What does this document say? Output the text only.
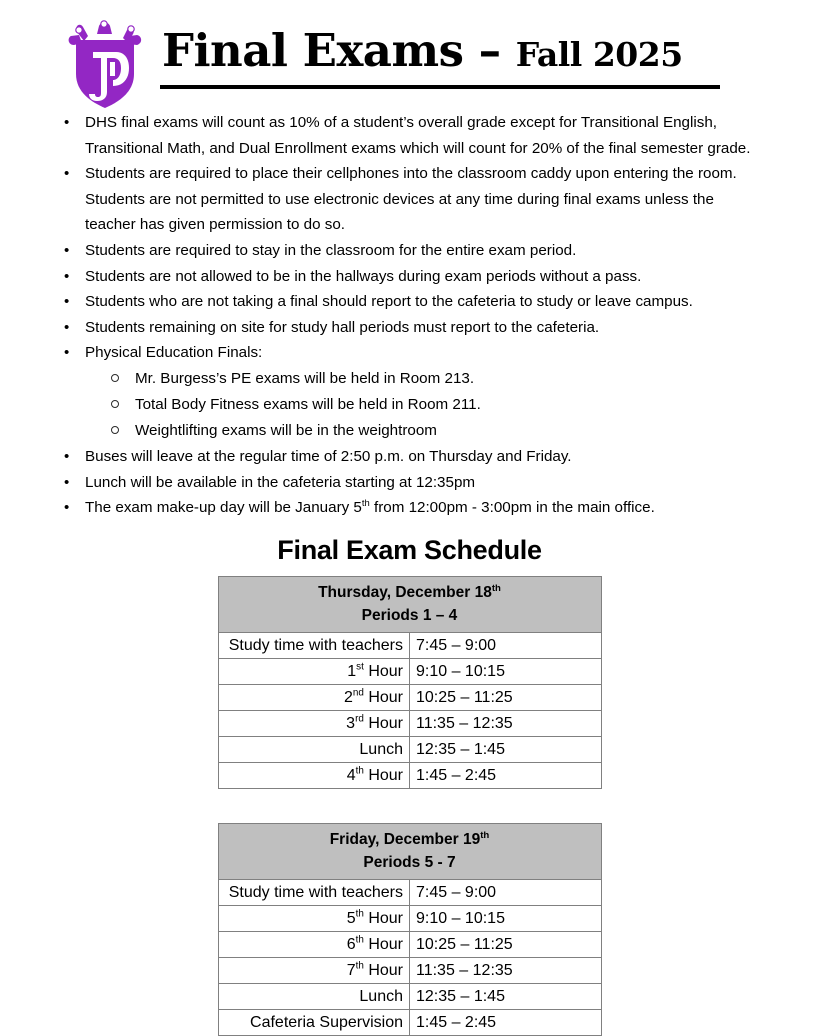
Final Exams – Fall 2025
•	DHS final exams will count as 10% of a student’s overall grade except for Transitional English, Transitional Math, and Dual Enrollment exams which will count for 20% of the final semester grade.
•	Students are required to place their cellphones into the classroom caddy upon entering the room. Students are not permitted to use electronic devices at any time during final exams unless the teacher has given permission to do so.
•	Students are required to stay in the classroom for the entire exam period.
•	Students are not allowed to be in the hallways during exam periods without a pass.
•	Students who are not taking a final should report to the cafeteria to study or leave campus.
•	Students remaining on site for study hall periods must report to the cafeteria.
•	Physical Education Finals:
Mr. Burgess’s PE exams will be held in Room 213.
Total Body Fitness exams will be held in Room 211.
Weightlifting exams will be in the weightroom
•	Buses will leave at the regular time of 2:50 p.m. on Thursday and Friday.
•	Lunch will be available in the cafeteria starting at 12:35pm
•	The exam make-up day will be January 5th from 12:00pm - 3:00pm in the main office.
Final Exam Schedule
Thursday, December 18th
Periods 1 – 4	

Study time with teachers	7:45 – 9:00
1st Hour	9:10 – 10:15
2nd Hour	10:25 – 11:25
3rd Hour	11:35 – 12:35
Lunch	12:35 – 1:45
4th Hour	1:45 – 2:45
Friday, December 19th
Periods 5 - 7	

Study time with teachers	7:45 – 9:00
5th Hour	9:10 – 10:15
6th Hour	10:25 – 11:25
7th Hour	11:35 – 12:35
Lunch	12:35 – 1:45
Cafeteria Supervision	1:45 – 2:45
